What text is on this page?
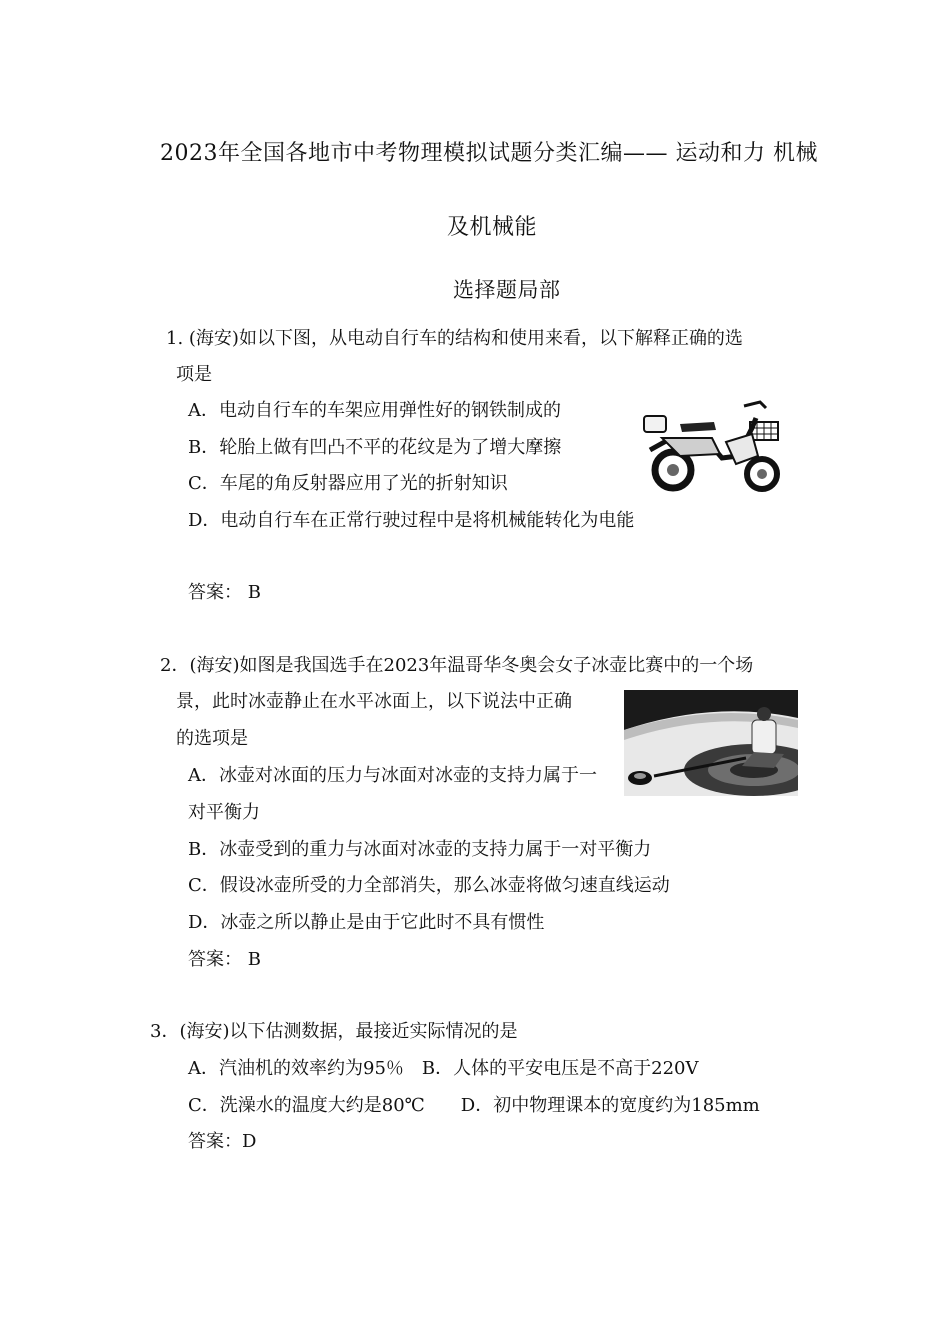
2023年全国各地市中考物理模拟试题分类汇编—— 运动和力 机械
及机械能
选择题局部
1. (海安)如以下图，从电动自行车的结构和使用来看，以下解释正确的选
项是
A．电动自行车的车架应用弹性好的钢铁制成的
B．轮胎上做有凹凸不平的花纹是为了增大摩擦
C．车尾的角反射器应用了光的折射知识
D．电动自行车在正常行驶过程中是将机械能转化为电能
答案： B
2．(海安)如图是我国选手在2023年温哥华冬奥会女子冰壶比赛中的一个场
景，此时冰壶静止在水平冰面上，以下说法中正确
的选项是
A．冰壶对冰面的压力与冰面对冰壶的支持力属于一
对平衡力
B．冰壶受到的重力与冰面对冰壶的支持力属于一对平衡力
C．假设冰壶所受的力全部消失，那么冰壶将做匀速直线运动
D．冰壶之所以静止是由于它此时不具有惯性
答案： B
3．(海安)以下估测数据，最接近实际情况的是
A．汽油机的效率约为95％　B．人体的平安电压是不高于220V
C．洗澡水的温度大约是80℃　　D．初中物理课本的宽度约为185mm
答案：D
